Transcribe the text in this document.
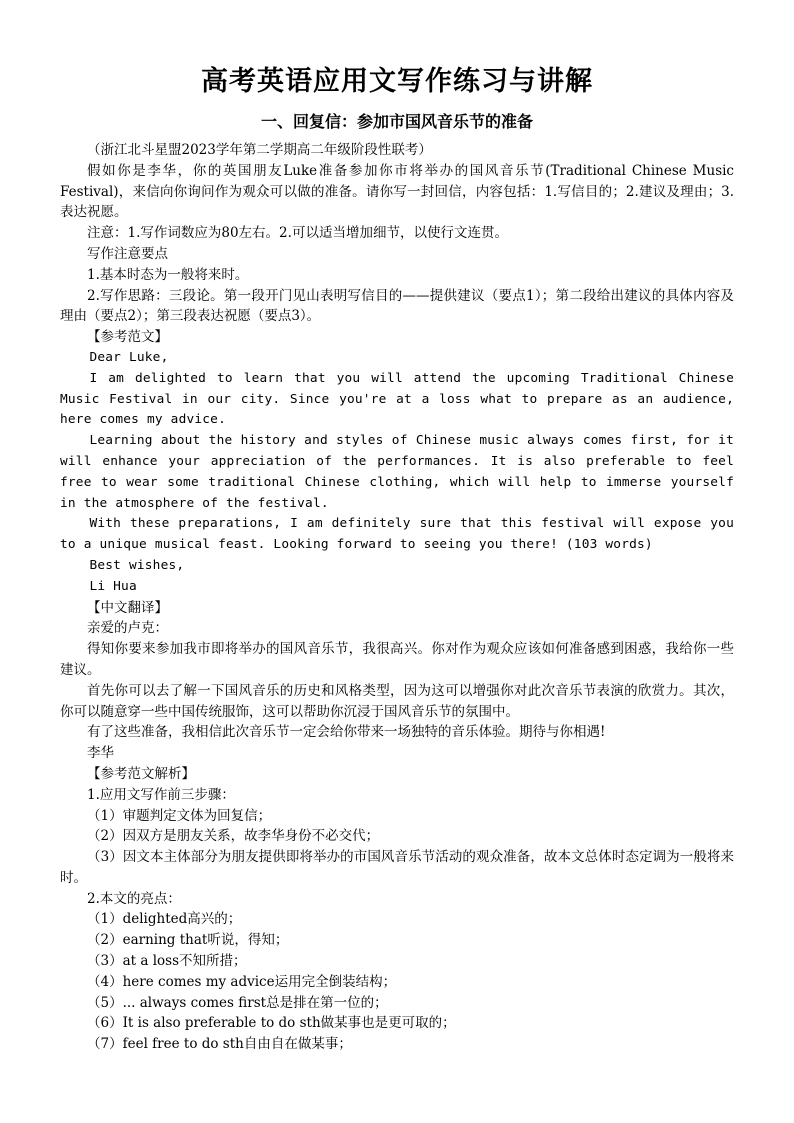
高考英语应用文写作练习与讲解
一、回复信：参加市国风音乐节的准备

（浙江北斗星盟2023学年第二学期高二年级阶段性联考）

假如你是李华，你的英国朋友Luke准备参加你市将举办的国风音乐节(Traditional Chinese Music Festival)，来信向你询问作为观众可以做的准备。请你写一封回信，内容包括：1.写信目的；2.建议及理由；3.表达祝愿。

注意：1.写作词数应为80左右。2.可以适当增加细节，以使行文连贯。

写作注意要点

1.基本时态为一般将来时。

2.写作思路：三段论。第一段开门见山表明写信目的——提供建议（要点1）；第二段给出建议的具体内容及理由（要点2）；第三段表达祝愿（要点3）。

【参考范文】

Dear Luke,

I am delighted to learn that you will attend the upcoming Traditional Chinese Music Festival in our city. Since you're at a loss what to prepare as an audience, here comes my advice.

Learning about the history and styles of Chinese music always comes first, for it will enhance your appreciation of the performances. It is also preferable to feel free to wear some traditional Chinese clothing, which will help to immerse yourself in the atmosphere of the festival.

With these preparations, I am definitely sure that this festival will expose you to a unique musical feast. Looking forward to seeing you there! (103 words)

Best wishes,

Li Hua

【中文翻译】

亲爱的卢克：

得知你要来参加我市即将举办的国风音乐节，我很高兴。你对作为观众应该如何准备感到困惑，我给你一些建议。

首先你可以去了解一下国风音乐的历史和风格类型，因为这可以增强你对此次音乐节表演的欣赏力。其次，你可以随意穿一些中国传统服饰，这可以帮助你沉浸于国风音乐节的氛围中。

有了这些准备，我相信此次音乐节一定会给你带来一场独特的音乐体验。期待与你相遇!

李华

【参考范文解析】

1.应用文写作前三步骤：

（1）审题判定文体为回复信；

（2）因双方是朋友关系，故李华身份不必交代；

（3）因文本主体部分为朋友提供即将举办的市国风音乐节活动的观众准备，故本文总体时态定调为一般将来时。

2.本文的亮点：

（1）delighted高兴的；

（2）earning that听说，得知；

（3）at a loss不知所措；

（4）here comes my advice运用完全倒装结构；

（5）... always comes first总是排在第一位的；

（6）It is also preferable to do sth做某事也是更可取的；

（7）feel free to do sth自由自在做某事；
